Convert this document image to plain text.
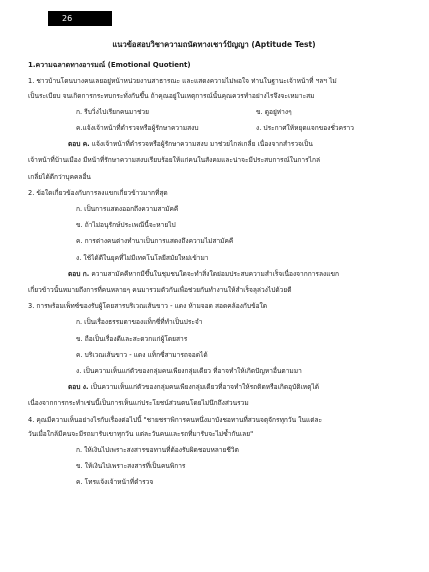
26
แนวข้อสอบวิชาความถนัดทางเชาว์ปัญญา (Aptitude Test)
1.ความฉลาดทางอารมณ์ (Emotional Quotient)
1. ชาวบ้านโดนบางคนเลยอยู่หน้าหน่วยงานสาธารณะ และแสดงความไม่พอใจ ท่านในฐานะเจ้าหน้าที่ ฯลฯ ไม่
เป็นระเบียบ จนเกิดการกระทบกระทั่งกันขึ้น ถ้าคุณอยู่ในเหตุการณ์นั้นคุณควรทำอย่างไรจึงจะเหมาะสม
ก. รีบวิ่งไปเรียกคนมาช่วย	ข. ดูอยู่ห่างๆ
ค.แจ้งเจ้าหน้าที่ตำรวจหรือผู้รักษาความสงบ	ง. ประกาศให้หยุดแจกของชั่วคราว
ตอบ ค. แจ้งเจ้าหน้าที่ตำรวจหรือผู้รักษาความสงบ มาช่วยไกล่เกลี่ย เนื่องจากสำรวจเป็น
เจ้าหน้าที่บ้านเมือง มีหน้าที่รักษาความสงบเรียบร้อยให้แก่คนในสังคมและน่าจะมีประสบการณ์ในการไกล่
เกลี่ยได้ดีกว่าบุคคลอื่น
2. ข้อใดเกี่ยวข้องกับการลงแขกเกี่ยวข้าวมากที่สุด
ก. เป็นการแสดงออกถึงความสามัคคี
ข. ถ้าไม่อนุรักษ์ประเพณีนี้จะหายไป
ค. การต่างคนต่างทำนาเป็นการแสดงถึงความไม่สามัคคี
ง. ใช้ได้ดีในยุคที่ไม่มีเทคโนโลยีสมัยใหม่เข้ามา
ตอบ ก. ความสามัคคีหากมีขึ้นในชุมชนใดจะทำสิ่งใดย่อมประสบความสำเร็จเนื่องจากการลงแขก
เกี่ยวข้าวนั้นหมายถึงการที่คนหลายๆ คนมารวมตัวกันเพื่อช่วยกันทำงานให้สำเร็จลุล่วงไปด้วยดี
3. การพร้อมเพ็ทซ์ของรับผู้โดยสารบริเวณเส้นขาว - แดง ห้ามจอด สอดคล้องกับข้อใด
ก. เป็นเรื่องธรรมดาของแท็กซี่ที่ทำเป็นประจำ
ข. ถือเป็นเรื่องดีและสะดวกแก่ผู้โดยสาร
ค. บริเวณเส้นขาว - แดง แท็กซี่สามารถจอดได้
ง. เป็นความเห็นแก่ตัวของกลุ่มคนเพียงกลุ่มเดียว ที่อาจทำให้เกิดปัญหาอื่นตามมา
ตอบ ง. เป็นความเห็นแก่ตัวของกลุ่มคนเพียงกลุ่มเดียวที่อาจทำให้รถติดหรือเกิดอุบัติเหตุได้
เนื่องจากการกระทำเช่นนี้เป็นการเห็นแก่ประโยชน์ส่วนตนโดยไม่นึกถึงส่วนรวม
4. คุณมีความเห็นอย่างไรกับเรื่องต่อไปนี้ "ชายชราพิการคนหนึ่งมาบังชอทานที่สวนจตุจักรทุกวัน ในแต่ละ
วันเมื่อใกล้มีคนจะมีรถมารับเขาทุกวัน แต่ละวันคนและรถที่มารับจะไม่ซ้ำกันเลย"
ก. ให้เงินไปเพราะสงสารขอทานที่ต้องรับผิดชอบหลายชีวิต
ข. ให้เงินไปเพราะสงสารที่เป็นคนพิการ
ค. โทรแจ้งเจ้าหน้าที่ตำรวจ
